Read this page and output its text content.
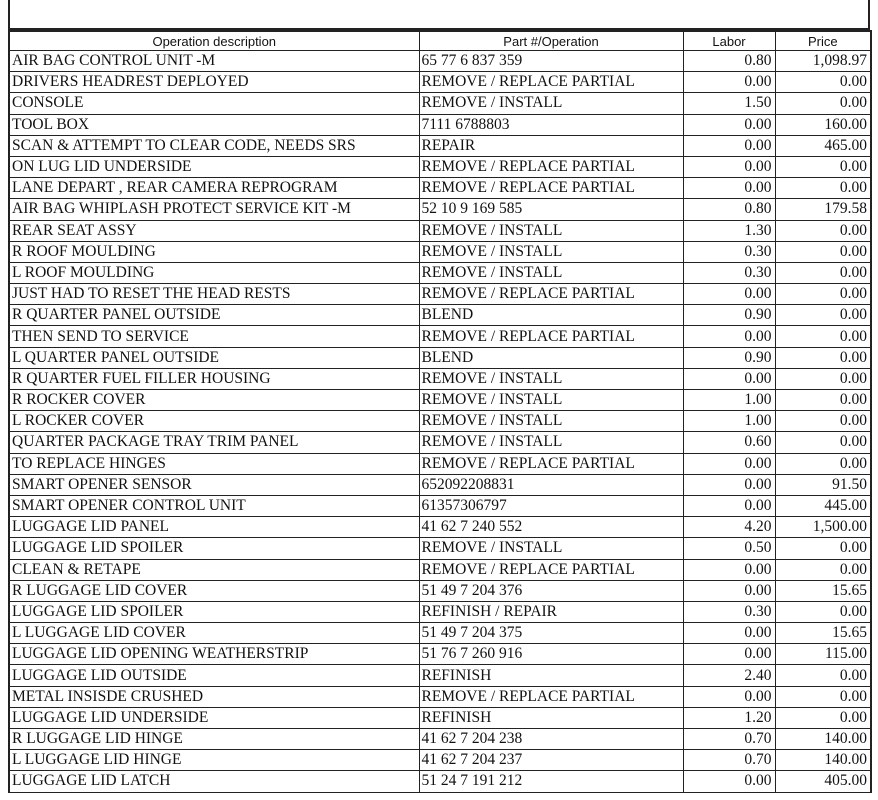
Operation description	Part #/Operation	Labor	Price
AIR BAG CONTROL UNIT -M	65 77 6 837 359	0.80	1,098.97
DRIVERS HEADREST DEPLOYED	REMOVE / REPLACE PARTIAL	0.00	0.00
CONSOLE	REMOVE / INSTALL	1.50	0.00
TOOL BOX	7111 6788803	0.00	160.00
SCAN & ATTEMPT TO CLEAR CODE, NEEDS SRS	REPAIR	0.00	465.00
ON LUG LID UNDERSIDE	REMOVE / REPLACE PARTIAL	0.00	0.00
LANE DEPART , REAR CAMERA REPROGRAM	REMOVE / REPLACE PARTIAL	0.00	0.00
AIR BAG WHIPLASH PROTECT SERVICE KIT -M	52 10 9 169 585	0.80	179.58
REAR SEAT ASSY	REMOVE / INSTALL	1.30	0.00
R ROOF MOULDING	REMOVE / INSTALL	0.30	0.00
L ROOF MOULDING	REMOVE / INSTALL	0.30	0.00
JUST HAD TO RESET THE HEAD RESTS	REMOVE / REPLACE PARTIAL	0.00	0.00
R QUARTER PANEL OUTSIDE	BLEND	0.90	0.00
THEN SEND TO SERVICE	REMOVE / REPLACE PARTIAL	0.00	0.00
L QUARTER PANEL OUTSIDE	BLEND	0.90	0.00
R QUARTER FUEL FILLER HOUSING	REMOVE / INSTALL	0.00	0.00
R ROCKER COVER	REMOVE / INSTALL	1.00	0.00
L ROCKER COVER	REMOVE / INSTALL	1.00	0.00
QUARTER PACKAGE TRAY TRIM PANEL	REMOVE / INSTALL	0.60	0.00
TO REPLACE HINGES	REMOVE / REPLACE PARTIAL	0.00	0.00
SMART OPENER SENSOR	652092208831	0.00	91.50
SMART OPENER CONTROL UNIT	61357306797	0.00	445.00
LUGGAGE LID PANEL	41 62 7 240 552	4.20	1,500.00
LUGGAGE LID SPOILER	REMOVE / INSTALL	0.50	0.00
CLEAN & RETAPE	REMOVE / REPLACE PARTIAL	0.00	0.00
R LUGGAGE LID COVER	51 49 7 204 376	0.00	15.65
LUGGAGE LID SPOILER	REFINISH / REPAIR	0.30	0.00
L LUGGAGE LID COVER	51 49 7 204 375	0.00	15.65
LUGGAGE LID OPENING WEATHERSTRIP	51 76 7 260 916	0.00	115.00
LUGGAGE LID OUTSIDE	REFINISH	2.40	0.00
METAL INSISDE CRUSHED	REMOVE / REPLACE PARTIAL	0.00	0.00
LUGGAGE LID UNDERSIDE	REFINISH	1.20	0.00
R LUGGAGE LID HINGE	41 62 7 204 238	0.70	140.00
L LUGGAGE LID HINGE	41 62 7 204 237	0.70	140.00
LUGGAGE LID LATCH	51 24 7 191 212	0.00	405.00
